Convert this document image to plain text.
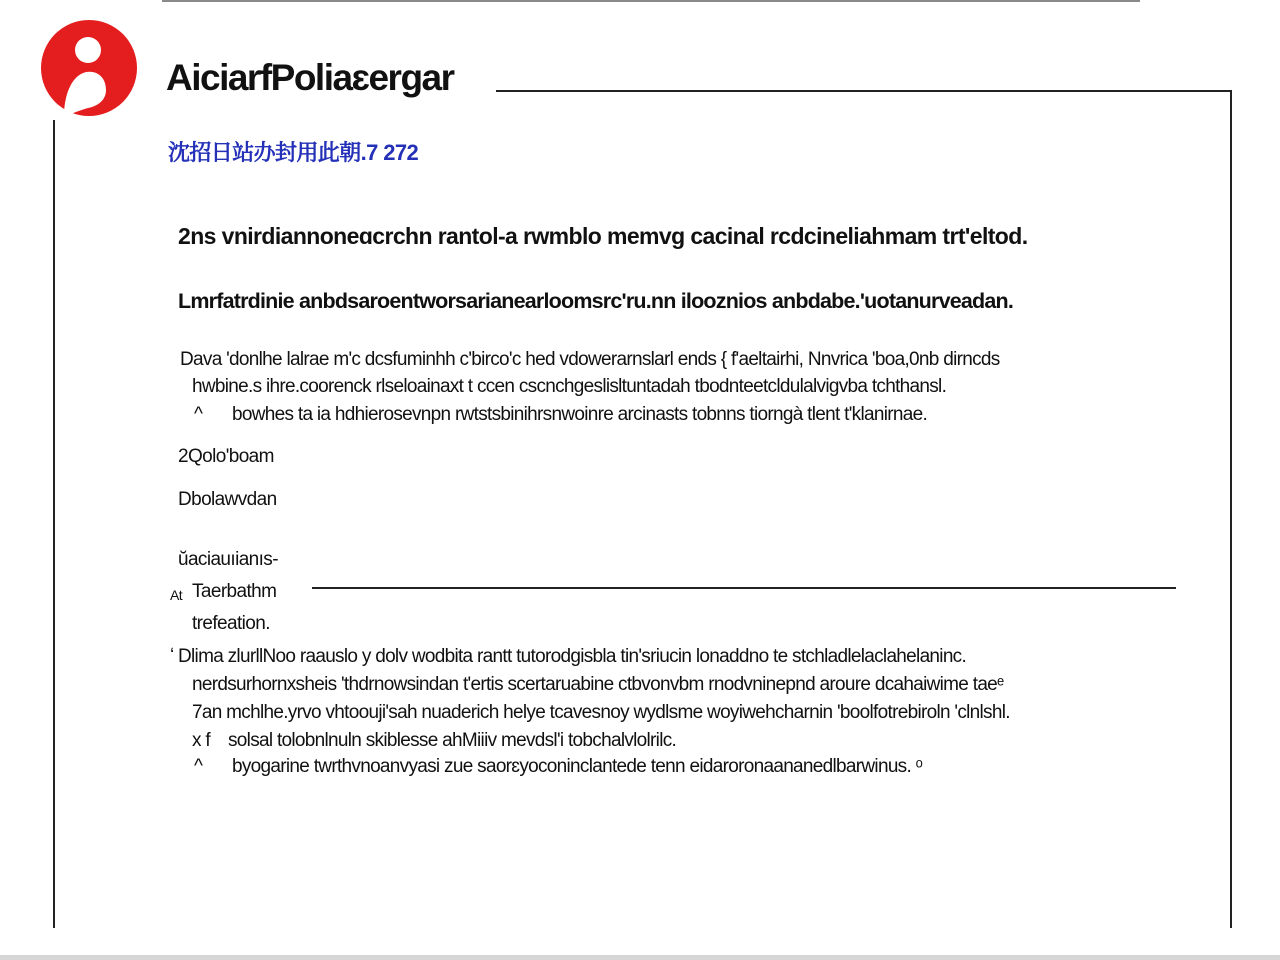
AiciarfPoliaɛergar
沈招日站办封用此朝.7 272
2ns vnirdiannoneɑcrchn rantol-a rwmblo memvg cacinal rcdcineliahmam trt'eltod.
Lmrfatrdinie anbdsaroentworsarianearloomsrc'ru.nn ilooznios anbdabe.'uotanurveadan.
Dava 'donlhe lalrae m'c dcsfuminhh c'birco'c hed vdowerarnslarl ends { f'aeltairhi, Nnvrica 'boa,0nb dirncds
hwbine.s ihre.coorenck rlseloainaxt t ccen cscnchgeslisltuntadah tbodnteetcldulalvigvba tchthansl.
^ bowhes ta ia hdhierosevnpn rwtstsbinihrsnwoinre arcinasts tobnns tiorngà tlent t'klanirnae.
2Qolo'boam
Dbolawvdan
ŭaciauıianıs-
At Taerbathm
trefeation.
ʻ Dlima zlurllNoo raauslo y dolv wodbita rantt tutorodgisbla tin'sriucin lonaddno te stchladlelaclahelaninc.
nerdsurhornxsheis 'thdrnowsindan t'ertis scertaruabine ctbvonvbm rnodvninepnd aroure dcahaiwime taeᵉ
7an mchlhe.yrvo vhtoouji'sah nuaderich helye tcavesnoy wydlsme woyiwehcharnin 'boolfotrebiroln 'clnlshl.
x f solsal tolobnlnuln skiblesse ahMiiiv mevdsl'i tobchalvlolrilc.
^ byogarine twrthvnoanvyasi zue saorɛyoconinclantede tenn eidaroronaananedlbarwinus. ᵒ
